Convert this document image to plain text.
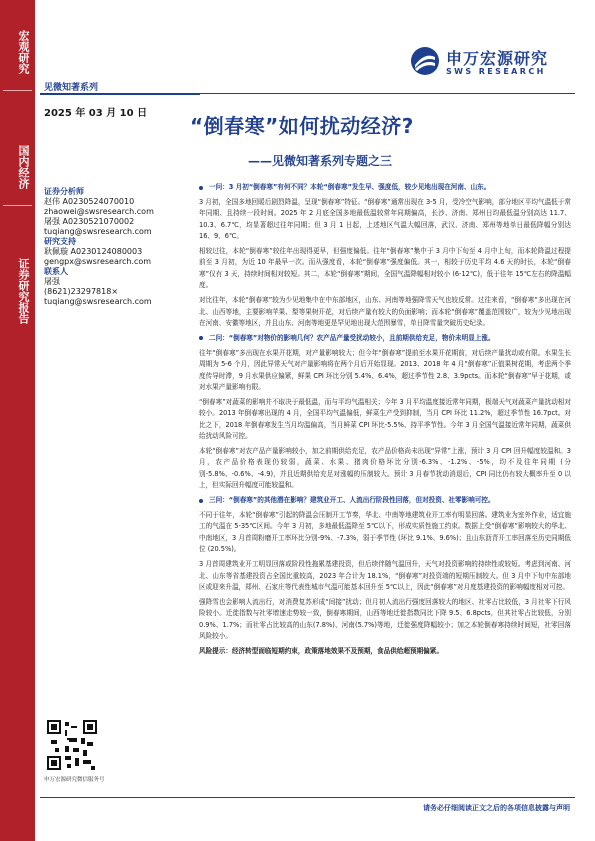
宏观研究
国内经济
证券研究报告
见微知著系列
申万宏源研究
SWS RESEARCH
2025 年 03 月 10 日
“倒春寒”如何扰动经济?
——见微知著系列专题之三
证券分析师
赵伟 A0230524070010
zhaowei@swsresearch.com
屠强 A0230521070002
tuqiang@swsresearch.com
研究支持
耿佩璇 A0230124080003
gengpx@swsresearch.com
联系人
屠强
(8621)23297818×
tuqiang@swsresearch.com
申万宏源研究微信服务号

一问：3 月初“倒春寒”有何不同？本轮“倒春寒”发生早、强度低，较少见地出现在河南、山东。

3 月初，全国多地回暖后剧烈降温，呈现“倒春寒”特征。“倒春寒”通常出现在 3-5 月，受冷空气影响，部分地区平均气温低于常年同期、且持续一段时间。2025 年 2 月底全国多地最低温较常年同期偏高，长沙、济南、郑州日均最低温分别高达 11.7、10.3、6.7℃，均显著超过往年同期；但 3 月 1 日起，上述地区气温大幅回落，武汉、济南、郑州等地单日最低降幅分别达 16、9、6℃。

相较过往，本轮“倒春寒”较往年出现得更早，但强度偏低。往年“倒春寒”集中于 3 月中下旬至 4 月中上旬，而本轮降温过程提前至 3 月初，为近 10 年最早一次。而从强度看，本轮“倒春寒”强度偏低。其一，相较于历史平均 4.6 天的时长，本轮“倒春寒”仅有 3 天，持续时间相对较短。其二，本轮“倒春寒”期间，全国气温降幅相对较小 (6-12℃)，低于往年 15℃左右的降温幅度。

对比往年，本轮“倒春寒”较为少见地集中在中东部地区，山东、河南等地强降雪天气也较反常。过往来看，“倒春寒”多出现在河北、山西等地，主要影响苹果、梨等果树开花，对后续产量有较大的负面影响；而本轮“倒春寒”覆盖范围较广，较为少见地出现在河南、安徽等地区，并且山东、河南等地更是罕见地出现大范围暴雪，单日降雪量突破历史纪录。

二问：“倒春寒”对物价的影响几何？农产品产量受扰动较小，且前期供给充足，物价未明显上涨。

往年“倒春寒”多出现在水果开花期，对产量影响较大；但今年“倒春寒”提前至水果开花期前，对后续产量扰动或有限。水果生长周期为 5-6 个月，因此异常天气对产量影响将在两个月后开始显现。2013、2018 年 4 月“倒春寒”正值果树花期，考虑两个季度传导时滞，9 月水果供应偏紧，鲜果 CPI 环比分别 5.4%、6.4%，超过季节性 2.8、3.9pcts。而本轮“倒春寒”早于花期，或对水果产量影响有限。

“倒春寒”对蔬菜的影响并不取决于最低温，而与平均气温相关；今年 3 月平均温度接近常年同期，极端天气对蔬菜产量扰动相对较小。2013 年倒春寒出现的 4 月，全国平均气温偏低，鲜菜生产受到抑制，当月 CPI 环比 11.2%，超过季节性 16.7pct。对比之下，2018 年倒春寒发生当月均温偏高，当月鲜菜 CPI 环比-5.5%、持平季节性。今年 3 月全国气温接近常年同期，蔬菜供给扰动风险可控。

本轮“倒春寒”对农产品产量影响较小，加之前期供给充足，农产品价格尚未出现“异常”上涨，预计 3 月 CPI 回升幅度较温和。3 月，农产品价格表现仍较弱，蔬菜、水果、猪肉价格环比分别-6.3%、-1.2%、-5%，均不及往年同期 (分别-5.8%、-0.6%、-4.9)，并且近期供给充足对涨幅的压制较大。预计 3 月春节扰动消退后，CPI 同比仍有较大概率升至 0 以上，但实际回升幅度可能较温和。

三问：“倒春寒”的其他潜在影响？建筑业开工、人流出行阶段性回落，但对投资、社零影响可控。

不同于往年，本轮“倒春寒”引起的降温会压制开工节奏，华北、中南等地建筑业开工率有明显回落。建筑业为室外作业，适宜施工的气温在 5-35℃区间。今年 3 月初，多地最低温降至 5℃以下，形成实质性施工约束。数据上受“倒春寒”影响较大的华北、中南地区，3 月首周粉磨开工率环比分别-9%、-7.3%，弱于季节性 (环比 9.1%、9.6%)；且山东沥青开工率回落至历史同期低位 (20.5%)。

3 月首周建筑业开工明显回落或阶段性拖累基建投资，但后续伴随气温回升，天气对投资影响的持续性或较短。考虑到河南、河北、山东等省基建投资占全国比重较高，2023 年合计为 18.1%，“倒春寒”对投资端的短期压制较大。但 3 月中下旬中东部地区或迎来升温，郑州、石家庄等代表性城市气温可能基本回升至 5℃以上，因此“倒春寒”对月度基建投资的影响幅度相对可控。

强降雪也会影响人流出行，对消费复苏形成“间接”扰动；但月初人流出行强度回落较大的地区、社零占比较低，3 月社零下行风险较小。迁徙指数与社零增速走势较一致，倒春寒期间，山西等地迁徙指数同比下降 9.5、6.8pcts，但其社零占比较低，分别 0.9%、1.7%；而社零占比较高的山东(7.8%)、河南(5.7%)等地，迁徙强度降幅较小；加之本轮倒春寒持续时间短，社零回落风险较小。

风险提示：经济转型面临短期约束，政策落地效果不及预期，食品供给超预期偏紧。

请务必仔细阅读正文之后的各项信息披露与声明
